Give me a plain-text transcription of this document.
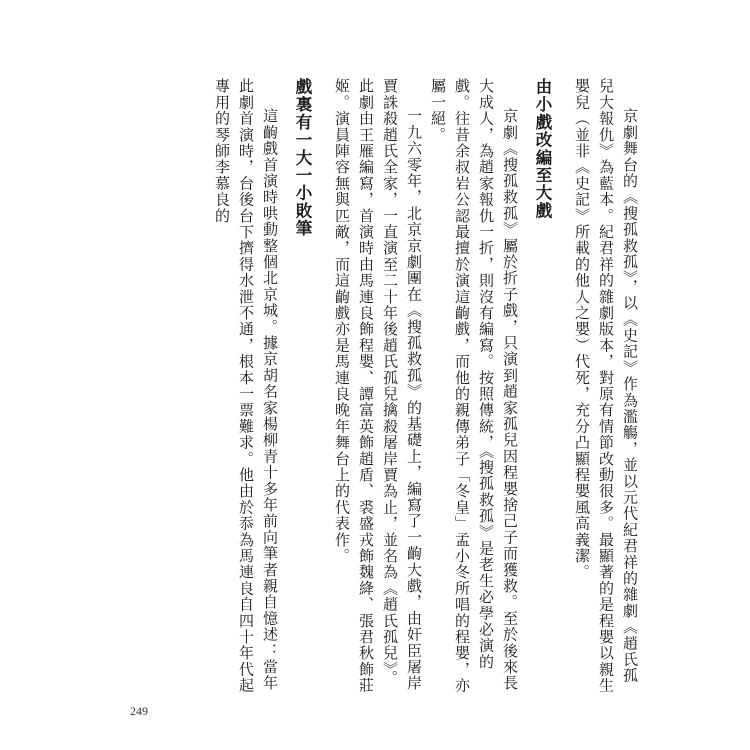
京劇舞台的《搜孤救孤》，以《史記》作為濫觴，並以元代紀君祥的雜劇《趙氏孤兒大報仇》為藍本。紀君祥的雜劇版本，對原有情節改動很多。最顯著的是程嬰以親生嬰兒（並非《史記》所載的他人之嬰）代死，充分凸顯程嬰風高義潔。

由小戲改編至大戲

京劇《搜孤救孤》屬於折子戲，只演到趙家孤兒因程嬰捨己子而獲救。至於後來長大成人，為趙家報仇一折，則沒有編寫。按照傳統，《搜孤救孤》是老生必學必演的戲。往昔余叔岩公認最擅於演這齣戲，而他的親傳弟子「冬皇」孟小冬所唱的程嬰，亦屬一絕。

一九六零年，北京京劇團在《搜孤救孤》的基礎上，編寫了一齣大戲，由奸臣屠岸賈誅殺趙氏全家，一直演至二十年後趙氏孤兒擒殺屠岸賈為止，並名為《趙氏孤兒》。此劇由王雁編寫，首演時由馬連良飾程嬰、譚富英飾趙盾、裘盛戎飾魏絳、張君秋飾莊姬。演員陣容無與匹敵，而這齣戲亦是馬連良晚年舞台上的代表作。

戲裏有一大一小敗筆

這齣戲首演時哄動整個北京城。據京胡名家楊柳青十多年前向筆者親自憶述：當年此劇首演時，台後台下擠得水泄不通，根本一票難求。他由於忝為馬連良自四十年代起專用的琴師李慕良的

249
